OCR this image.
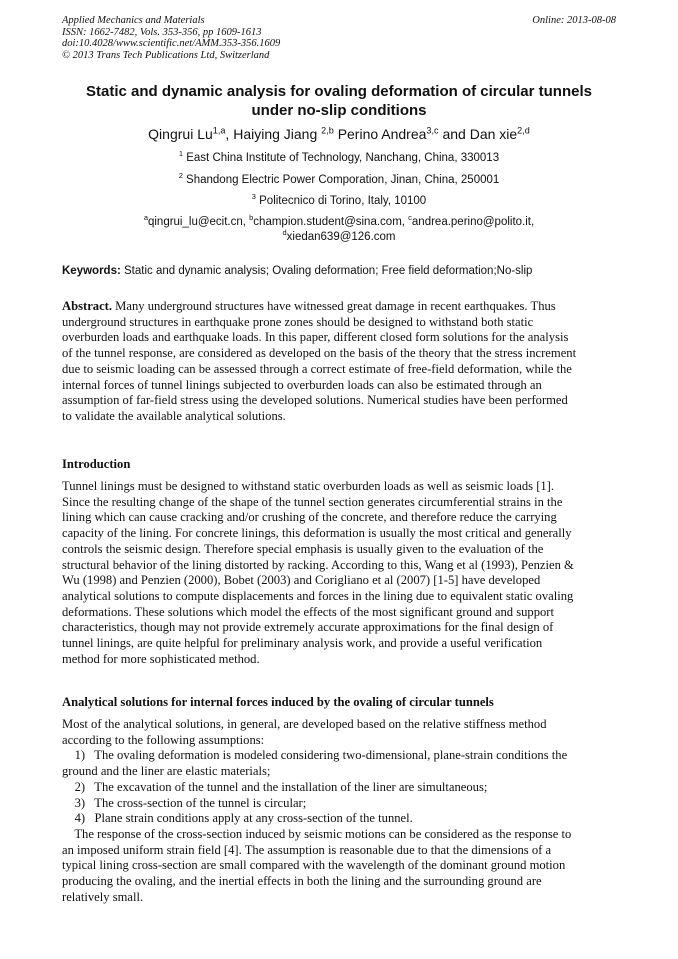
Applied Mechanics and Materials
ISSN: 1662-7482, Vols. 353-356, pp 1609-1613
doi:10.4028/www.scientific.net/AMM.353-356.1609
© 2013 Trans Tech Publications Ltd, Switzerland
Online: 2013-08-08
Static and dynamic analysis for ovaling deformation of circular tunnels
under no-slip conditions
Qingrui Lu$^{1,a}$, Haiying Jiang $^{2,b}$ Perino Andrea$^{3,c}$ and Dan xie$^{2,d}$
$^1$ East China Institute of Technology, Nanchang, China, 330013
$^2$ Shandong Electric Power Comporation, Jinan, China, 250001
$^3$ Politecnico di Torino, Italy, 10100
$^a$qingrui_lu@ecit.cn, $^b$champion.student@sina.com, $^c$andrea.perino@polito.it,
$^d$xiedan639@126.com
Keywords: Static and dynamic analysis; Ovaling deformation; Free field deformation;No-slip
Abstract. Many underground structures have witnessed great damage in recent earthquakes. Thus
underground structures in earthquake prone zones should be designed to withstand both static
overburden loads and earthquake loads. In this paper, different closed form solutions for the analysis
of the tunnel response, are considered as developed on the basis of the theory that the stress increment
due to seismic loading can be assessed through a correct estimate of free-field deformation, while the
internal forces of tunnel linings subjected to overburden loads can also be estimated through an
assumption of far-field stress using the developed solutions. Numerical studies have been performed
to validate the available analytical solutions.
Introduction
Tunnel linings must be designed to withstand static overburden loads as well as seismic loads [1].
Since the resulting change of the shape of the tunnel section generates circumferential strains in the
lining which can cause cracking and/or crushing of the concrete, and therefore reduce the carrying
capacity of the lining. For concrete linings, this deformation is usually the most critical and generally
controls the seismic design. Therefore special emphasis is usually given to the evaluation of the
structural behavior of the lining distorted by racking. According to this, Wang et al (1993), Penzien &
Wu (1998) and Penzien (2000), Bobet (2003) and Corigliano et al (2007) [1-5] have developed
analytical solutions to compute displacements and forces in the lining due to equivalent static ovaling
deformations. These solutions which model the effects of the most significant ground and support
characteristics, though may not provide extremely accurate approximations for the final design of
tunnel linings, are quite helpful for preliminary analysis work, and provide a useful verification
method for more sophisticated method.
Analytical solutions for internal forces induced by the ovaling of circular tunnels
Most of the analytical solutions, in general, are developed based on the relative stiffness method
according to the following assumptions:
1)   The ovaling deformation is modeled considering two-dimensional, plane-strain conditions the
ground and the liner are elastic materials;
2)   The excavation of the tunnel and the installation of the liner are simultaneous;
3)   The cross-section of the tunnel is circular;
4)   Plane strain conditions apply at any cross-section of the tunnel.
The response of the cross-section induced by seismic motions can be considered as the response to
an imposed uniform strain field [4]. The assumption is reasonable due to that the dimensions of a
typical lining cross-section are small compared with the wavelength of the dominant ground motion
producing the ovaling, and the inertial effects in both the lining and the surrounding ground are
relatively small.
